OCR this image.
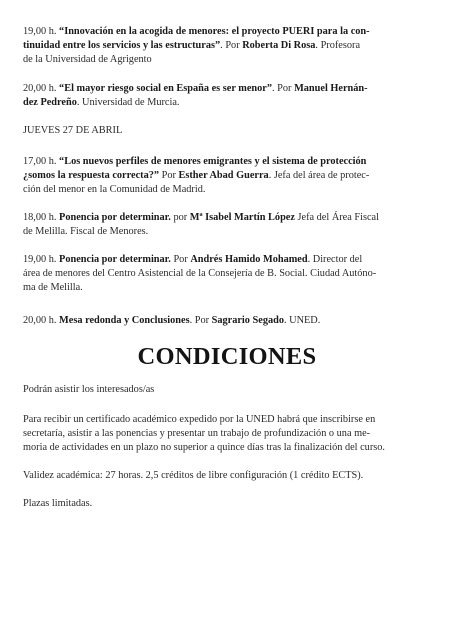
19,00 h. “Innovación en la acogida de menores: el proyecto PUERI para la con-
tinuidad entre los servicios y las estructuras”. Por Roberta Di Rosa. Profesora
de la Universidad de Agrigento
20,00 h. “El mayor riesgo social en España es ser menor”. Por Manuel Hernán-
dez Pedreño. Universidad de Murcia.
JUEVES 27 DE ABRIL
17,00 h. “Los nuevos perfiles de menores emigrantes y el sistema de protección
¿somos la respuesta correcta?” Por Esther Abad Guerra. Jefa del área de protec-
ción del menor en la Comunidad de Madrid.
18,00 h. Ponencia por determinar. por Mª Isabel Martín López Jefa del Área Fiscal
de Melilla. Fiscal de Menores.
19,00 h. Ponencia por determinar. Por Andrés Hamido Mohamed. Director del
área de menores del Centro Asistencial de la Consejería de B. Social. Ciudad Autóno-
ma de Melilla.
20,00 h. Mesa redonda y Conclusiones. Por Sagrario Segado. UNED.
CONDICIONES
Podrán asistir los interesados/as
Para recibir un certificado académico expedido por la UNED habrá que inscribirse en
secretaría, asistir a las ponencias y presentar un trabajo de profundización o una me-
moria de actividades en un plazo no superior a quince días tras la finalización del curso.
Validez académica: 27 horas. 2,5 créditos de libre configuración (1 crédito ECTS).
Plazas limitadas.
